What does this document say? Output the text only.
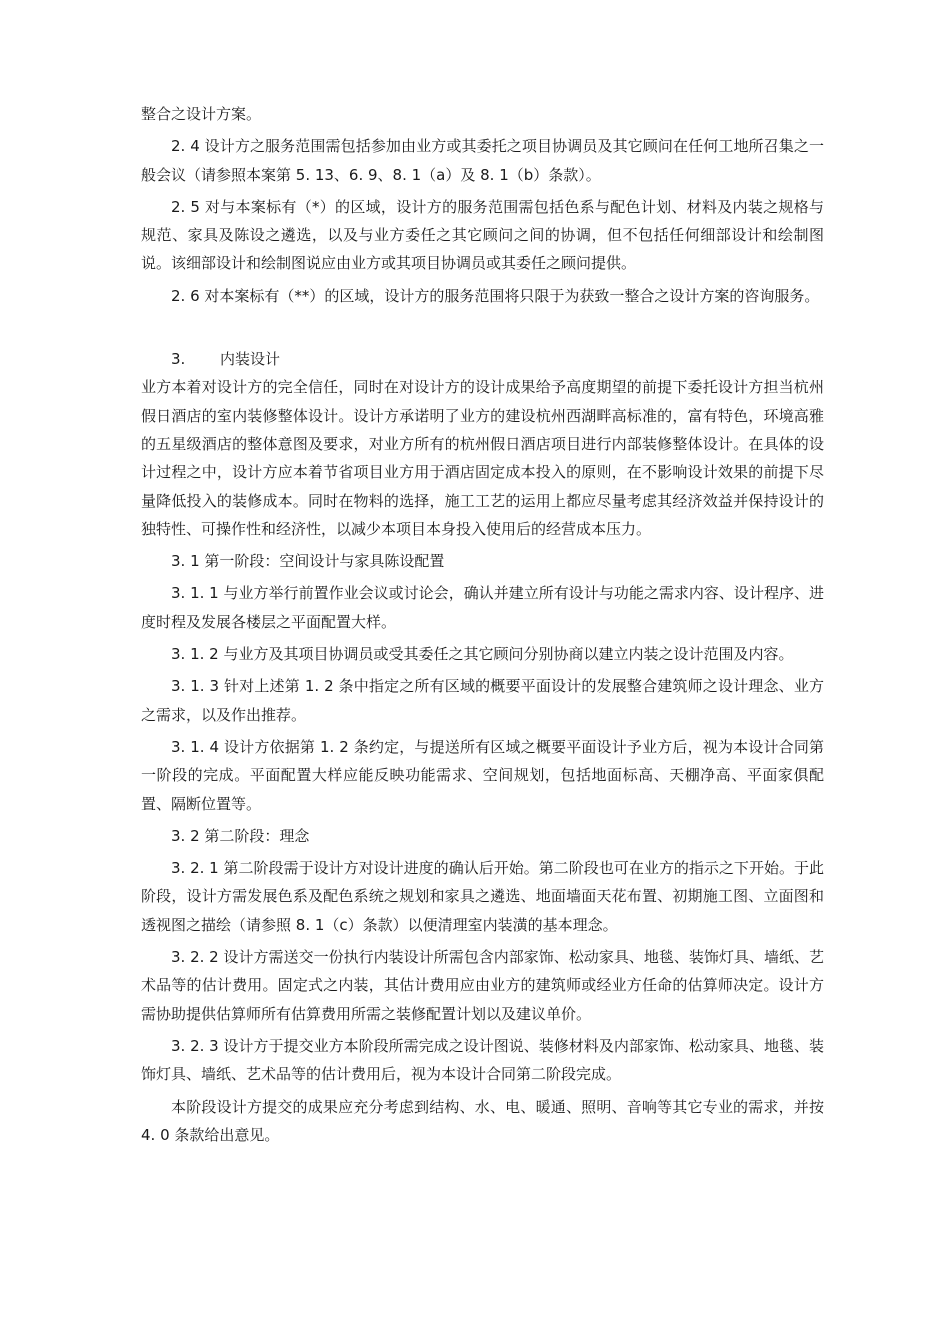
整合之设计方案。

2. 4 设计方之服务范围需包括参加由业方或其委托之项目协调员及其它顾问在任何工地所召集之一般会议（请参照本案第 5. 13、6. 9、8. 1（a）及 8. 1（b）条款）。

2. 5 对与本案标有（*）的区域，设计方的服务范围需包括色系与配色计划、材料及内装之规格与规范、家具及陈设之遴选，以及与业方委任之其它顾问之间的协调，但不包括任何细部设计和绘制图说。该细部设计和绘制图说应由业方或其项目协调员或其委任之顾问提供。

2. 6 对本案标有（**）的区域，设计方的服务范围将只限于为获致一整合之设计方案的咨询服务。

3. 内装设计

业方本着对设计方的完全信任，同时在对设计方的设计成果给予高度期望的前提下委托设计方担当杭州假日酒店的室内装修整体设计。设计方承诺明了业方的建设杭州西湖畔高标准的，富有特色，环境高雅的五星级酒店的整体意图及要求，对业方所有的杭州假日酒店项目进行内部装修整体设计。在具体的设计过程之中，设计方应本着节省项目业方用于酒店固定成本投入的原则，在不影响设计效果的前提下尽量降低投入的装修成本。同时在物料的选择，施工工艺的运用上都应尽量考虑其经济效益并保持设计的独特性、可操作性和经济性，以减少本项目本身投入使用后的经营成本压力。

3. 1 第一阶段：空间设计与家具陈设配置

3. 1. 1 与业方举行前置作业会议或讨论会，确认并建立所有设计与功能之需求内容、设计程序、进度时程及发展各楼层之平面配置大样。

3. 1. 2 与业方及其项目协调员或受其委任之其它顾问分别协商以建立内装之设计范围及内容。

3. 1. 3 针对上述第 1. 2 条中指定之所有区域的概要平面设计的发展整合建筑师之设计理念、业方之需求，以及作出推荐。

3. 1. 4 设计方依据第 1. 2 条约定，与提送所有区域之概要平面设计予业方后，视为本设计合同第一阶段的完成。平面配置大样应能反映功能需求、空间规划，包括地面标高、天棚净高、平面家俱配置、隔断位置等。

3. 2 第二阶段：理念

3. 2. 1 第二阶段需于设计方对设计进度的确认后开始。第二阶段也可在业方的指示之下开始。于此阶段，设计方需发展色系及配色系统之规划和家具之遴选、地面墙面天花布置、初期施工图、立面图和透视图之描绘（请参照 8. 1（c）条款）以便清理室内装潢的基本理念。

3. 2. 2 设计方需送交一份执行内装设计所需包含内部家饰、松动家具、地毯、装饰灯具、墙纸、艺术品等的估计费用。固定式之内装，其估计费用应由业方的建筑师或经业方任命的估算师决定。设计方需协助提供估算师所有估算费用所需之装修配置计划以及建议单价。

3. 2. 3 设计方于提交业方本阶段所需完成之设计图说、装修材料及内部家饰、松动家具、地毯、装饰灯具、墙纸、艺术品等的估计费用后，视为本设计合同第二阶段完成。

本阶段设计方提交的成果应充分考虑到结构、水、电、暖通、照明、音响等其它专业的需求，并按 4. 0 条款给出意见。
